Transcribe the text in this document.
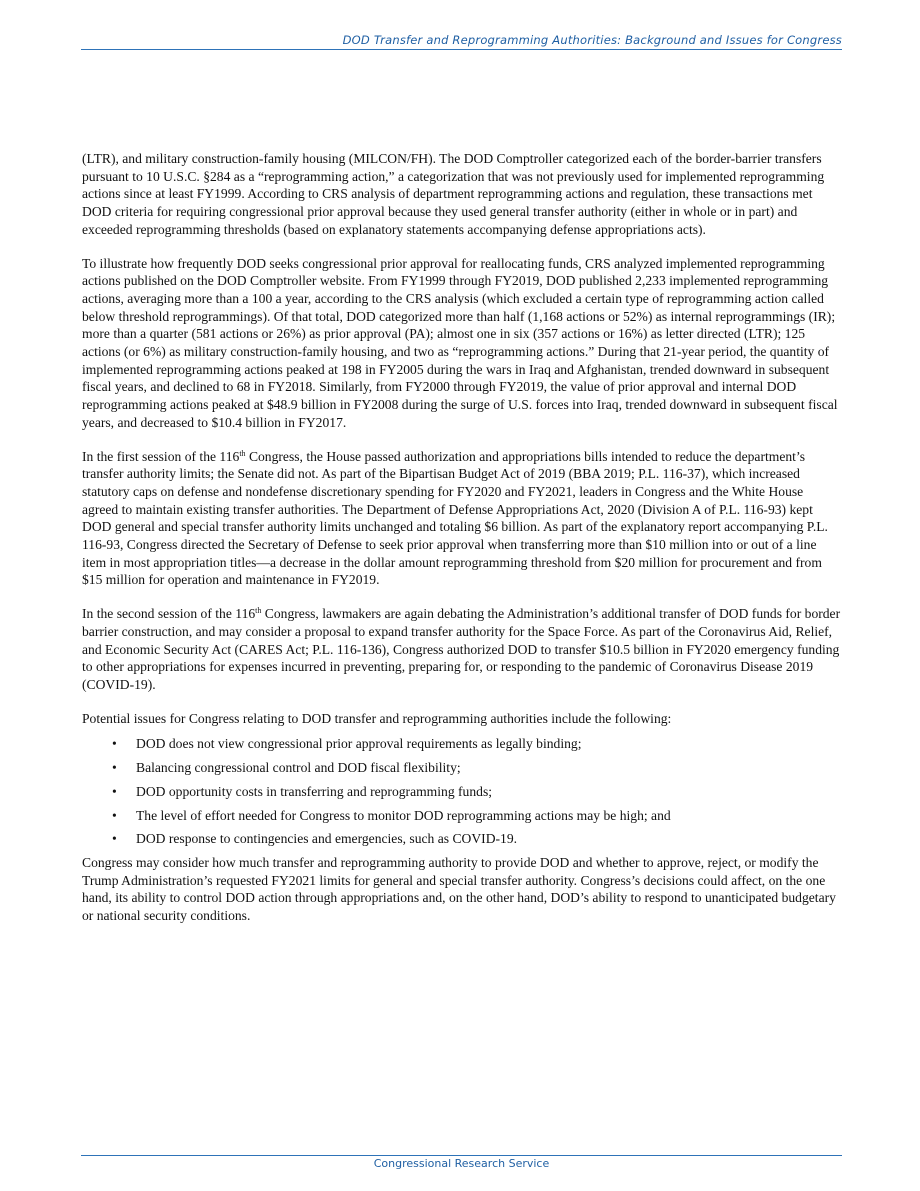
DOD Transfer and Reprogramming Authorities: Background and Issues for Congress

(LTR), and military construction-family housing (MILCON/FH). The DOD Comptroller categorized each of the border-barrier transfers pursuant to 10 U.S.C. §284 as a “reprogramming action,” a categorization that was not previously used for implemented reprogramming actions since at least FY1999. According to CRS analysis of department reprogramming actions and regulation, these transactions met DOD criteria for requiring congressional prior approval because they used general transfer authority (either in whole or in part) and exceeded reprogramming thresholds (based on explanatory statements accompanying defense appropriations acts).

To illustrate how frequently DOD seeks congressional prior approval for reallocating funds, CRS analyzed implemented reprogramming actions published on the DOD Comptroller website. From FY1999 through FY2019, DOD published 2,233 implemented reprogramming actions, averaging more than a 100 a year, according to the CRS analysis (which excluded a certain type of reprogramming action called below threshold reprogrammings). Of that total, DOD categorized more than half (1,168 actions or 52%) as internal reprogrammings (IR); more than a quarter (581 actions or 26%) as prior approval (PA); almost one in six (357 actions or 16%) as letter directed (LTR); 125 actions (or 6%) as military construction-family housing, and two as “reprogramming actions.” During that 21-year period, the quantity of implemented reprogramming actions peaked at 198 in FY2005 during the wars in Iraq and Afghanistan, trended downward in subsequent fiscal years, and declined to 68 in FY2018. Similarly, from FY2000 through FY2019, the value of prior approval and internal DOD reprogramming actions peaked at $48.9 billion in FY2008 during the surge of U.S. forces into Iraq, trended downward in subsequent fiscal years, and decreased to $10.4 billion in FY2017.

In the first session of the 116th Congress, the House passed authorization and appropriations bills intended to reduce the department’s transfer authority limits; the Senate did not. As part of the Bipartisan Budget Act of 2019 (BBA 2019; P.L. 116-37), which increased statutory caps on defense and nondefense discretionary spending for FY2020 and FY2021, leaders in Congress and the White House agreed to maintain existing transfer authorities. The Department of Defense Appropriations Act, 2020 (Division A of P.L. 116-93) kept DOD general and special transfer authority limits unchanged and totaling $6 billion. As part of the explanatory report accompanying P.L. 116-93, Congress directed the Secretary of Defense to seek prior approval when transferring more than $10 million into or out of a line item in most appropriation titles—a decrease in the dollar amount reprogramming threshold from $20 million for procurement and from $15 million for operation and maintenance in FY2019.

In the second session of the 116th Congress, lawmakers are again debating the Administration’s additional transfer of DOD funds for border barrier construction, and may consider a proposal to expand transfer authority for the Space Force. As part of the Coronavirus Aid, Relief, and Economic Security Act (CARES Act; P.L. 116-136), Congress authorized DOD to transfer $10.5 billion in FY2020 emergency funding to other appropriations for expenses incurred in preventing, preparing for, or responding to the pandemic of Coronavirus Disease 2019 (COVID-19).

Potential issues for Congress relating to DOD transfer and reprogramming authorities include the following:

• DOD does not view congressional prior approval requirements as legally binding;
• Balancing congressional control and DOD fiscal flexibility;
• DOD opportunity costs in transferring and reprogramming funds;
• The level of effort needed for Congress to monitor DOD reprogramming actions may be high; and
• DOD response to contingencies and emergencies, such as COVID-19.

Congress may consider how much transfer and reprogramming authority to provide DOD and whether to approve, reject, or modify the Trump Administration’s requested FY2021 limits for general and special transfer authority. Congress’s decisions could affect, on the one hand, its ability to control DOD action through appropriations and, on the other hand, DOD’s ability to respond to unanticipated budgetary or national security conditions.

Congressional Research Service
